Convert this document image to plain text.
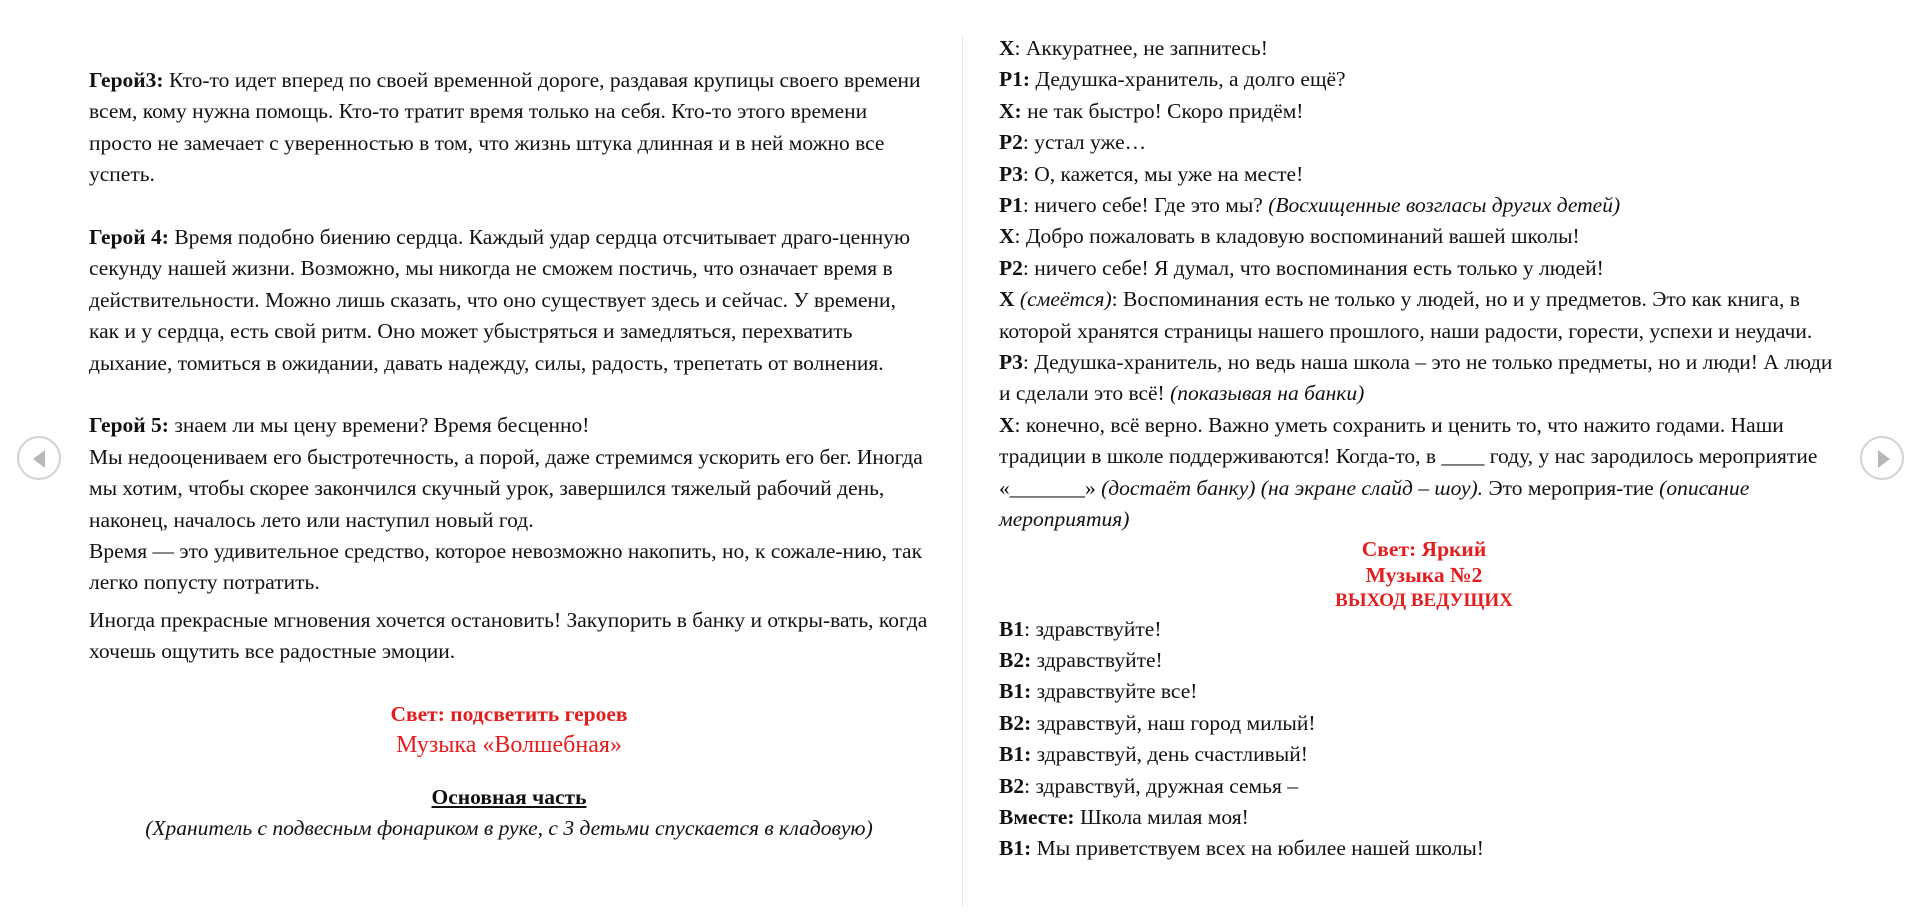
Герой3: Кто-то идет вперед по своей временной дороге, раздавая крупицы своего времени всем, кому нужна помощь. Кто-то тратит время только на себя. Кто-то этого времени просто не замечает с уверенностью в том, что жизнь штука длинная и в ней можно все успеть.

Герой 4: Время подобно биению сердца. Каждый удар сердца отсчитывает драго-ценную секунду нашей жизни. Возможно, мы никогда не сможем постичь, что означает время в действительности. Можно лишь сказать, что оно существует здесь и сейчас. У времени, как и у сердца, есть свой ритм. Оно может убыстряться и замедляться, перехватить дыхание, томиться в ожидании, давать надежду, силы, радость, трепетать от волнения.

Герой 5: знаем ли мы цену времени? Время бесценно!

Мы недооцениваем его быстротечность, а порой, даже стремимся ускорить его бег. Иногда мы хотим, чтобы скорее закончился скучный урок, завершился тяжелый рабочий день, наконец, началось лето или наступил новый год.

Время — это удивительное средство, которое невозможно накопить, но, к сожале-нию, так легко попусту потратить.

Иногда прекрасные мгновения хочется остановить! Закупорить в банку и откры-вать, когда хочешь ощутить все радостные эмоции.

Свет: подсветить героев

Музыка «Волшебная»

Основная часть

(Хранитель с подвесным фонариком в руке, с 3 детьми спускается в кладовую)

Х: Аккуратнее, не запнитесь!

Р1: Дедушка-хранитель, а долго ещё?

Х: не так быстро! Скоро придём!

Р2: устал уже…

Р3: О, кажется, мы уже на месте!

Р1: ничего себе! Где это мы? (Восхищенные возгласы других детей)

Х: Добро пожаловать в кладовую воспоминаний вашей школы!

Р2: ничего себе! Я думал, что воспоминания есть только у людей!

Х (смеётся): Воспоминания есть не только у людей, но и у предметов. Это как книга, в которой хранятся страницы нашего прошлого, наши радости, горести, успехи и неудачи.

Р3: Дедушка-хранитель, но ведь наша школа – это не только предметы, но и люди! А люди и сделали это всё! (показывая на банки)

Х: конечно, всё верно. Важно уметь сохранить и ценить то, что нажито годами. Наши традиции в школе поддерживаются! Когда-то, в ____ году, у нас зародилось мероприятие «_______» (достаёт банку) (на экране слайд – шоу). Это мероприя-тие (описание мероприятия)

Свет: Яркий

Музыка №2

ВЫХОД ВЕДУЩИХ

В1: здравствуйте!

В2: здравствуйте!

В1: здравствуйте все!

В2: здравствуй, наш город милый!

В1: здравствуй, день счастливый!

В2: здравствуй, дружная семья –

Вместе: Школа милая моя!

В1: Мы приветствуем всех на юбилее нашей школы!
